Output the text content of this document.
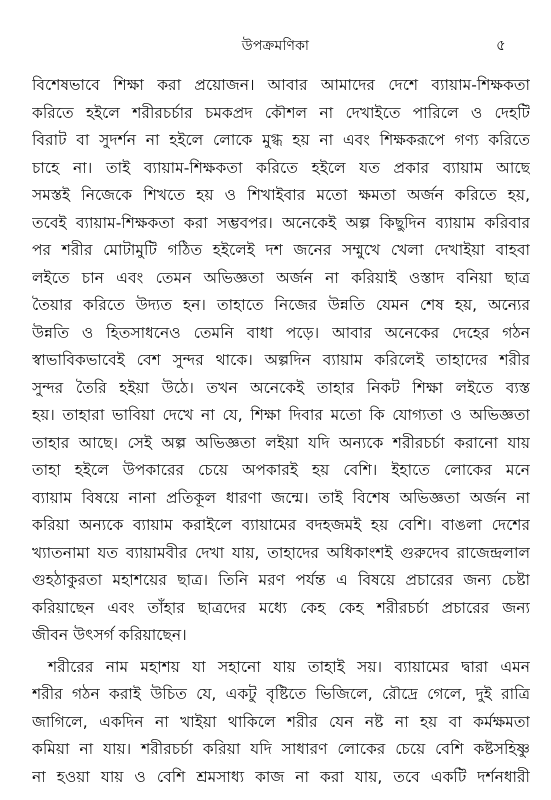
উপক্রমণিকা	৫
বিশেষভাবে শিক্ষা করা প্রয়োজন। আবার আমাদের দেশে ব্যায়াম-শিক্ষকতা
করিতে হইলে শরীরচর্চার চমকপ্রদ কৌশল না দেখাইতে পারিলে ও দেহটি
বিরাট বা সুদর্শন না হইলে লোকে মুগ্ধ হয় না এবং শিক্ষকরূপে গণ্য করিতে
চাহে না। তাই ব্যায়াম-শিক্ষকতা করিতে হইলে যত প্রকার ব্যায়াম আছে
সমস্তই নিজেকে শিখতে হয় ও শিখাইবার মতো ক্ষমতা অর্জন করিতে হয়,
তবেই ব্যায়াম-শিক্ষকতা করা সম্ভবপর। অনেকেই অল্প কিছুদিন ব্যায়াম করিবার
পর শরীর মোটামুটি গঠিত হইলেই দশ জনের সম্মুখে খেলা দেখাইয়া বাহবা
লইতে চান এবং তেমন অভিজ্ঞতা অর্জন না করিয়াই ওস্তাদ বনিয়া ছাত্র
তৈয়ার করিতে উদ্যত হন। তাহাতে নিজের উন্নতি যেমন শেষ হয়, অন্যের
উন্নতি ও হিতসাধনেও তেমনি বাধা পড়ে। আবার অনেকের দেহের গঠন
স্বাভাবিকভাবেই বেশ সুন্দর থাকে। অল্পদিন ব্যায়াম করিলেই তাহাদের শরীর
সুন্দর তৈরি হইয়া উঠে। তখন অনেকেই তাহার নিকট শিক্ষা লইতে ব্যস্ত
হয়। তাহারা ভাবিয়া দেখে না যে, শিক্ষা দিবার মতো কি যোগ্যতা ও অভিজ্ঞতা
তাহার আছে। সেই অল্প অভিজ্ঞতা লইয়া যদি অন্যকে শরীরচর্চা করানো যায়
তাহা হইলে উপকারের চেয়ে অপকারই হয় বেশি। ইহাতে লোকের মনে
ব্যায়াম বিষয়ে নানা প্রতিকূল ধারণা জন্মে। তাই বিশেষ অভিজ্ঞতা অর্জন না
করিয়া অন্যকে ব্যায়াম করাইলে ব্যায়ামের বদহজমই হয় বেশি। বাঙলা দেশের
খ্যাতনামা যত ব্যায়ামবীর দেখা যায়, তাহাদের অধিকাংশই গুরুদেব রাজেন্দ্রলাল
গুহঠাকুরতা মহাশয়ের ছাত্র। তিনি মরণ পর্যন্ত এ বিষয়ে প্রচারের জন্য চেষ্টা
করিয়াছেন এবং তাঁহার ছাত্রদের মধ্যে কেহ কেহ শরীরচর্চা প্রচারের জন্য
জীবন উৎসর্গ করিয়াছেন।
শরীরের নাম মহাশয় যা সহানো যায় তাহাই সয়। ব্যায়ামের দ্বারা এমন
শরীর গঠন করাই উচিত যে, একটু বৃষ্টিতে ভিজিলে, রৌদ্রে গেলে, দুই রাত্রি
জাগিলে, একদিন না খাইয়া থাকিলে শরীর যেন নষ্ট না হয় বা কর্মক্ষমতা
কমিয়া না যায়। শরীরচর্চা করিয়া যদি সাধারণ লোকের চেয়ে বেশি কষ্টসহিষ্ণু
না হওয়া যায় ও বেশি শ্রমসাধ্য কাজ না করা যায়, তবে একটি দর্শনধারী
